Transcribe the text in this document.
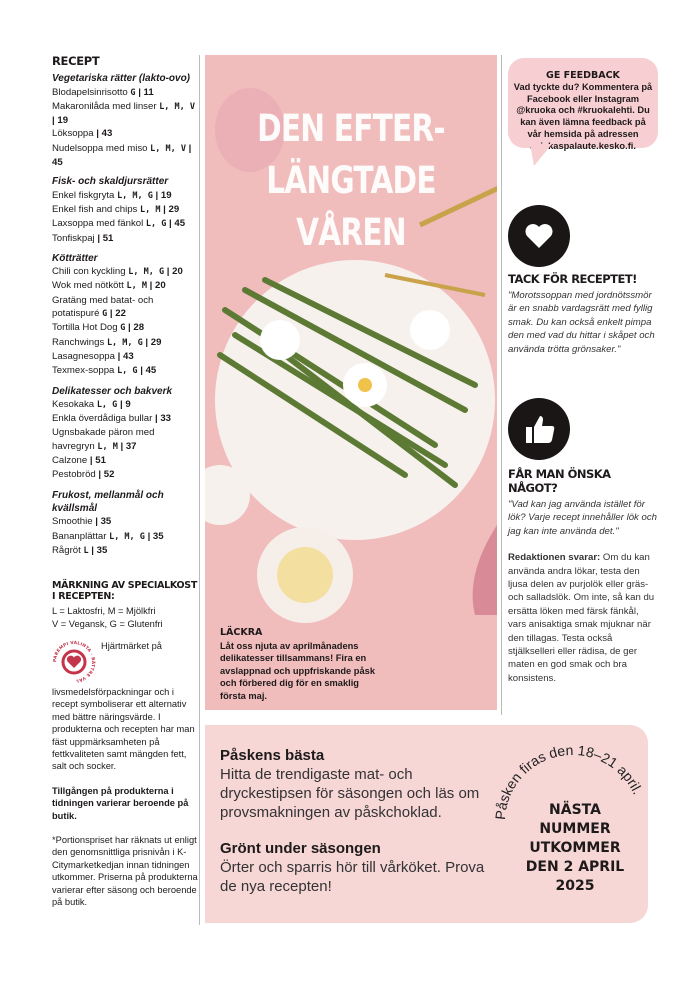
RECEPT
Vegetariska rätter (lakto-ovo)
Blodapelsinrisotto G | 11
Makaronilåda med linser L, M, V | 19
Löksoppa | 43
Nudelsoppa med miso L, M, V | 45
Fisk- och skaldjursrätter
Enkel fiskgryta L, M, G | 19
Enkel fish and chips L, M | 29
Laxsoppa med fänkol L, G | 45
Tonfiskpaj | 51
Kötträtter
Chili con kyckling L, M, G | 20
Wok med nötkött L, M | 20
Gratäng med batat- och potatispuré G | 22
Tortilla Hot Dog G | 28
Ranchwings L, M, G | 29
Lasagnesoppa | 43
Texmex-soppa L, G | 45
Delikatesser och bakverk
Kesokaka L, G | 9
Enkla överdådiga bullar | 33
Ugnsbakade päron med havregryn L, M | 37
Calzone | 51
Pestobröd | 52
Frukost, mellanmål och kvällsmål
Smoothie | 35
Bananplättar L, M, G | 35
Rågröt L | 35
MÄRKNING AV SPECIALKOST I RECEPTEN:
L = Laktosfri, M = Mjölkfri
V = Vegansk, G = Glutenfri
PAREMPI VALINTA · BÄTTRE VAL
Hjärtmärket på livsmedelsförpackningar och i recept symboliserar ett alternativ med bättre näringsvärde. I produkterna och recepten har man fäst uppmärksamheten på fettkvaliteten samt mängden fett, salt och socker.
Tillgången på produkterna i tidningen varierar beroende på butik.
*Portionspriset har räknats ut enligt den genomsnittliga prisnivån i K-Citymarketkedjan innan tidningen utkommer. Priserna på produkterna varierar efter säsong och beroende på butik.
DEN EFTER-
LÄNGTADE
VÅREN
LÄCKRA
Låt oss njuta av aprilmånadens delikatesser tillsammans! Fira en avslappnad och uppfriskande påsk och förbered dig för en smaklig första maj.
GE FEEDBACK
Vad tyckte du? Kommentera på Facebook eller Instagram @kruoka och #kruokalehti. Du kan även lämna feedback på vår hemsida på adressen asiakaspalaute.kesko.fi.
TACK FÖR RECEPTET!
"Morotssoppan med jordnötssmör är en snabb vardagsrätt med fyllig smak. Du kan också enkelt pimpa den med vad du hittar i skåpet och använda trötta grönsaker."
FÅR MAN ÖNSKA NÅGOT?
"Vad kan jag använda istället för lök? Varje recept innehåller lök och jag kan inte använda det."
Redaktionen svarar: Om du kan använda andra lökar, testa den ljusa delen av purjolök eller gräs- och salladslök. Om inte, så kan du ersätta löken med färsk fänkål, vars anisaktiga smak mjuknar när den tillagas. Testa också stjälkselleri eller rädisa, de ger maten en god smak och bra konsistens.
Påskens bästa
Hitta de trendigaste mat- och dryckestipsen för säsongen och läs om provsmakningen av påskchoklad.
Grönt under säsongen
Örter och sparris hör till vårköket. Prova de nya recepten!
Påsken firas den 18–21 april.
NÄSTA
NUMMER
UTKOMMER
DEN 2 APRIL
2025
